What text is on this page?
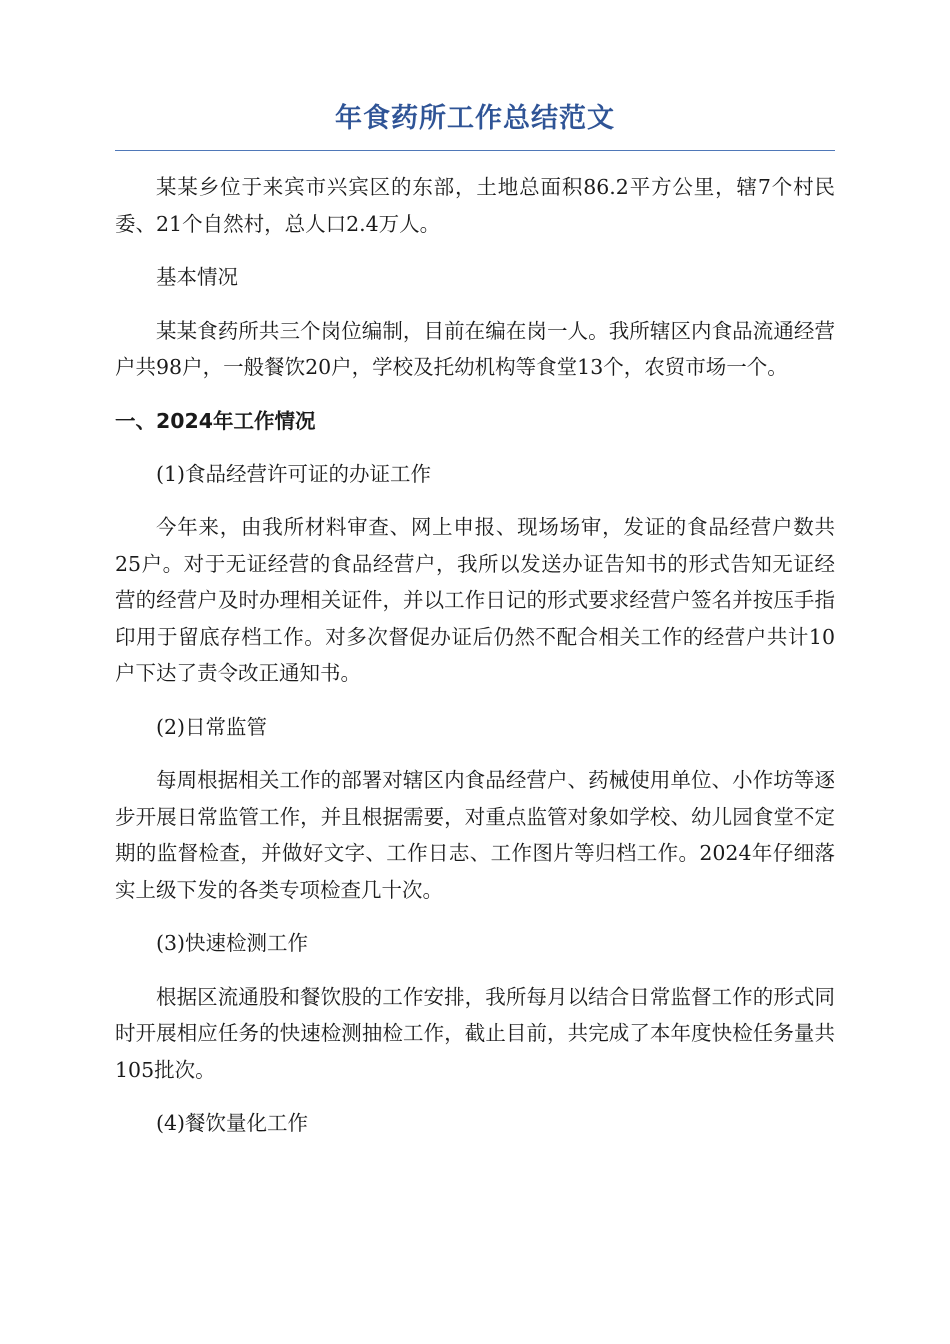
年食药所工作总结范文

某某乡位于来宾市兴宾区的东部，土地总面积86.2平方公里，辖7个村民委、21个自然村，总人口2.4万人。

基本情况

某某食药所共三个岗位编制，目前在编在岗一人。我所辖区内食品流通经营户共98户，一般餐饮20户，学校及托幼机构等食堂13个，农贸市场一个。

一、2024年工作情况

(1)食品经营许可证的办证工作

今年来，由我所材料审查、网上申报、现场场审，发证的食品经营户数共25户。对于无证经营的食品经营户，我所以发送办证告知书的形式告知无证经营的经营户及时办理相关证件，并以工作日记的形式要求经营户签名并按压手指印用于留底存档工作。对多次督促办证后仍然不配合相关工作的经营户共计10户下达了责令改正通知书。

(2)日常监管

每周根据相关工作的部署对辖区内食品经营户、药械使用单位、小作坊等逐步开展日常监管工作，并且根据需要，对重点监管对象如学校、幼儿园食堂不定期的监督检查，并做好文字、工作日志、工作图片等归档工作。2024年仔细落实上级下发的各类专项检查几十次。

(3)快速检测工作

根据区流通股和餐饮股的工作安排，我所每月以结合日常监督工作的形式同时开展相应任务的快速检测抽检工作，截止目前，共完成了本年度快检任务量共105批次。

(4)餐饮量化工作
